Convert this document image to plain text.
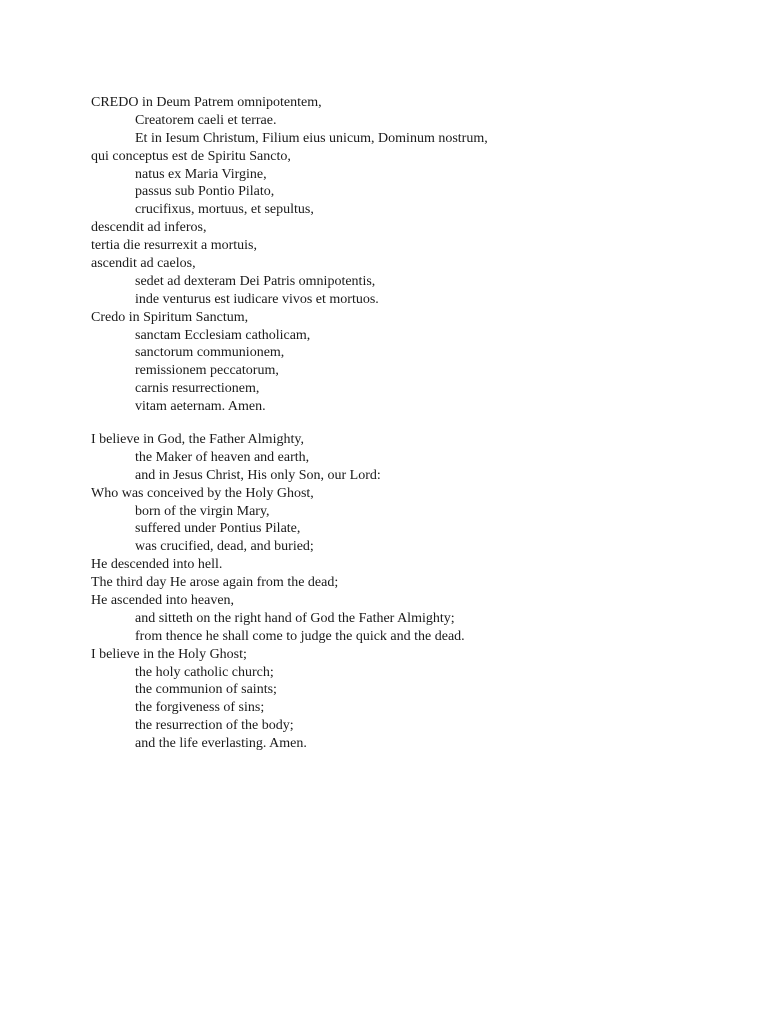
CREDO in Deum Patrem omnipotentem,
Creatorem caeli et terrae.
Et in Iesum Christum, Filium eius unicum, Dominum nostrum,
qui conceptus est de Spiritu Sancto,
natus ex Maria Virgine,
passus sub Pontio Pilato,
crucifixus, mortuus, et sepultus,
descendit ad inferos,
tertia die resurrexit a mortuis,
ascendit ad caelos,
sedet ad dexteram Dei Patris omnipotentis,
inde venturus est iudicare vivos et mortuos.
Credo in Spiritum Sanctum,
sanctam Ecclesiam catholicam,
sanctorum communionem,
remissionem peccatorum,
carnis resurrectionem,
vitam aeternam. Amen.
I believe in God, the Father Almighty,
the Maker of heaven and earth,
and in Jesus Christ, His only Son, our Lord:
Who was conceived by the Holy Ghost,
born of the virgin Mary,
suffered under Pontius Pilate,
was crucified, dead, and buried;
He descended into hell.
The third day He arose again from the dead;
He ascended into heaven,
and sitteth on the right hand of God the Father Almighty;
from thence he shall come to judge the quick and the dead.
I believe in the Holy Ghost;
the holy catholic church;
the communion of saints;
the forgiveness of sins;
the resurrection of the body;
and the life everlasting. Amen.
